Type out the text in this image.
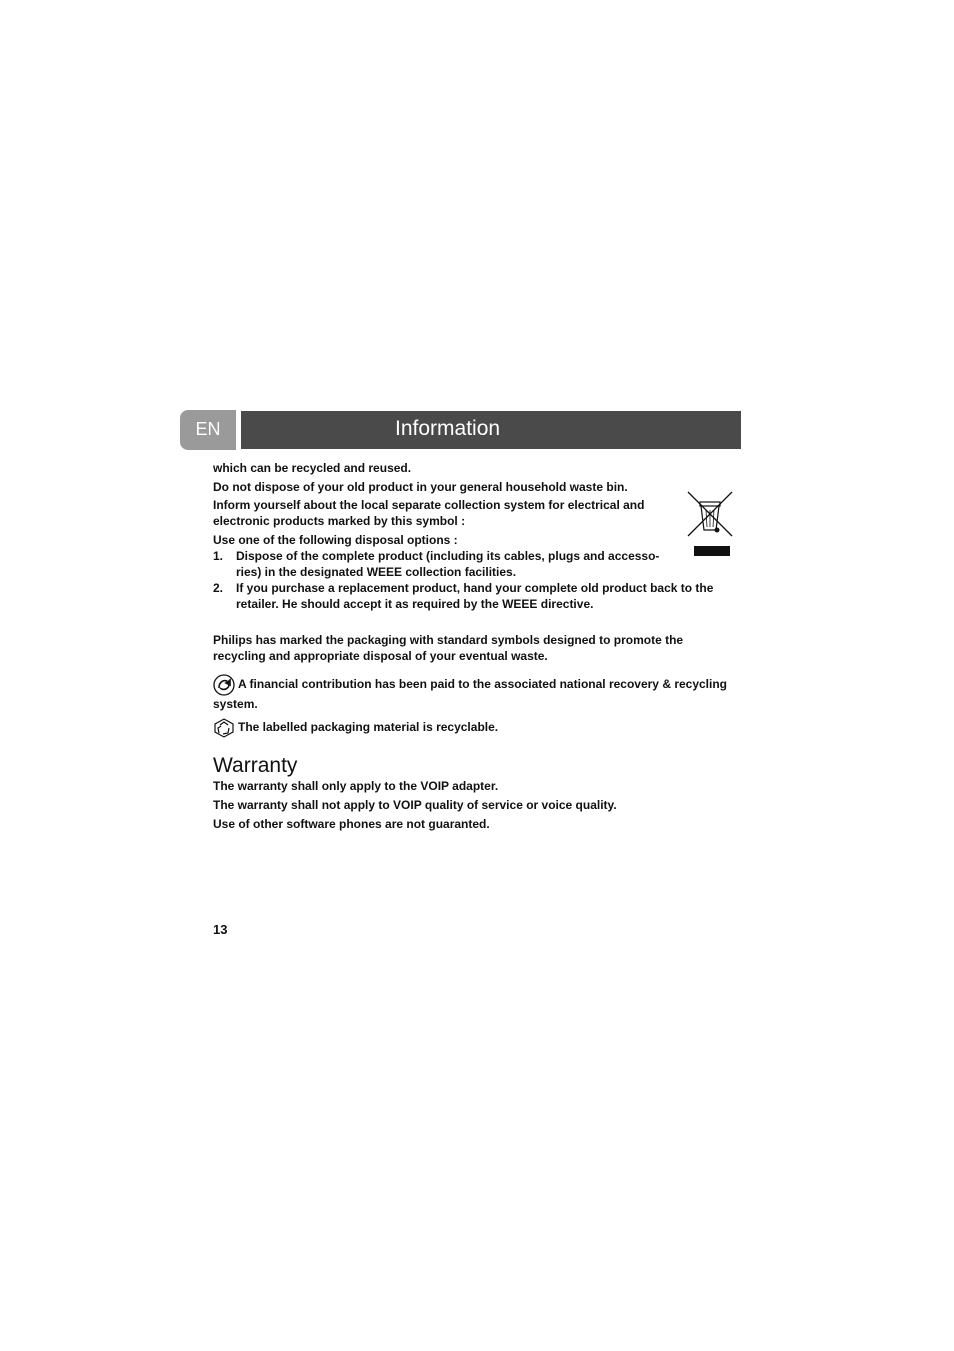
EN	Information

which can be recycled and reused.

Do not dispose of your old product in your general household waste bin.

Inform yourself about the local separate collection system for electrical and

electronic products marked by this symbol :

Use one of the following disposal options :

1. Dispose of the complete product (including its cables, plugs and accesso-
ries) in the designated WEEE collection facilities.
2. If you purchase a replacement product, hand your complete old product back to the
retailer. He should accept it as required by the WEEE directive.

Philips has marked the packaging with standard symbols designed to promote the

recycling and appropriate disposal of your eventual waste.

A financial contribution has been paid to the associated national recovery & recycling
system.
The labelled packaging material is recyclable.
Warranty

The warranty shall only apply to the VOIP adapter.

The warranty shall not apply to VOIP quality of service or voice quality.

Use of other software phones are not guaranted.

13
